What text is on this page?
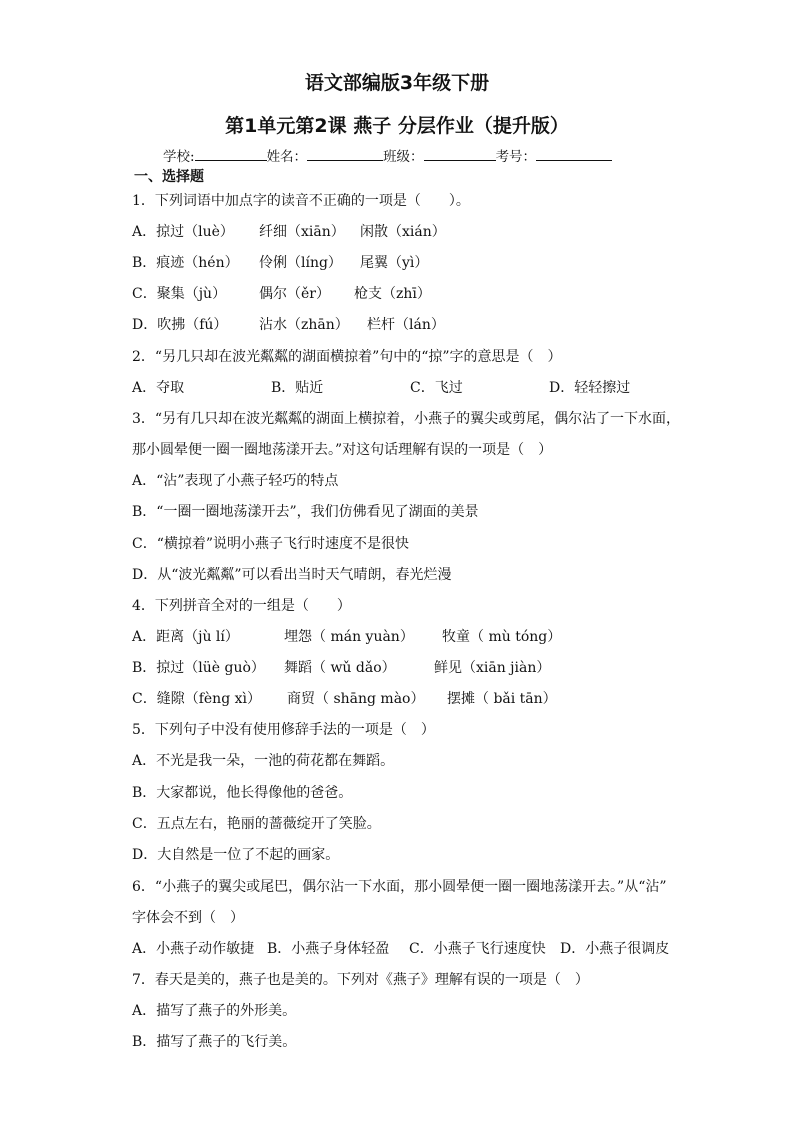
语文部编版3年级下册
第1单元第2课 燕子 分层作业（提升版）
学校:	姓名：	班级：	考号：
一、选择题
1．下列词语中加点字的读音不正确的一项是（　　）。
A．掠过（luè） 纤细（xiān） 闲散（xián）
B．痕迹（hén） 伶俐（líng） 尾翼（yì）
C．聚集（jù） 偶尔（ěr） 枪支（zhī）
D．吹拂（fú） 沾水（zhān） 栏杆（lán）
2．“另几只却在波光粼粼的湖面横掠着”句中的“掠”字的意思是（　）
A．夺取	B．贴近	C．飞过	D．轻轻擦过
3．“另有几只却在波光粼粼的湖面上横掠着，小燕子的翼尖或剪尾，偶尔沾了一下水面，
那小圆晕便一圈一圈地荡漾开去。”对这句话理解有误的一项是（　）
A．“沾”表现了小燕子轻巧的特点
B．“一圈一圈地荡漾开去”，我们仿佛看见了湖面的美景
C．“横掠着”说明小燕子飞行时速度不是很快
D．从“波光粼粼”可以看出当时天气晴朗，春光烂漫
4．下列拼音全对的一组是（　　）
A．距离（jù lí）	埋怨（ mán yuàn） 牧童（ mù tóng）
B．掠过（lüè guò） 舞蹈（ wǔ dǎo）	鲜见（xiān jiàn）
C．缝隙（fèng xì） 商贸（ shāng mào） 摆摊（ bǎi tān）
5．下列句子中没有使用修辞手法的一项是（　）
A．不光是我一朵，一池的荷花都在舞蹈。
B．大家都说，他长得像他的爸爸。
C．五点左右，艳丽的蔷薇绽开了笑脸。
D．大自然是一位了不起的画家。
6．“小燕子的翼尖或尾巴，偶尔沾一下水面，那小圆晕便一圈一圈地荡漾开去。”从“沾”
字体会不到（　）
A．小燕子动作敏捷 B．小燕子身体轻盈 C．小燕子飞行速度快 D．小燕子很调皮
7．春天是美的，燕子也是美的。下列对《燕子》理解有误的一项是（　）
A．描写了燕子的外形美。
B．描写了燕子的飞行美。
